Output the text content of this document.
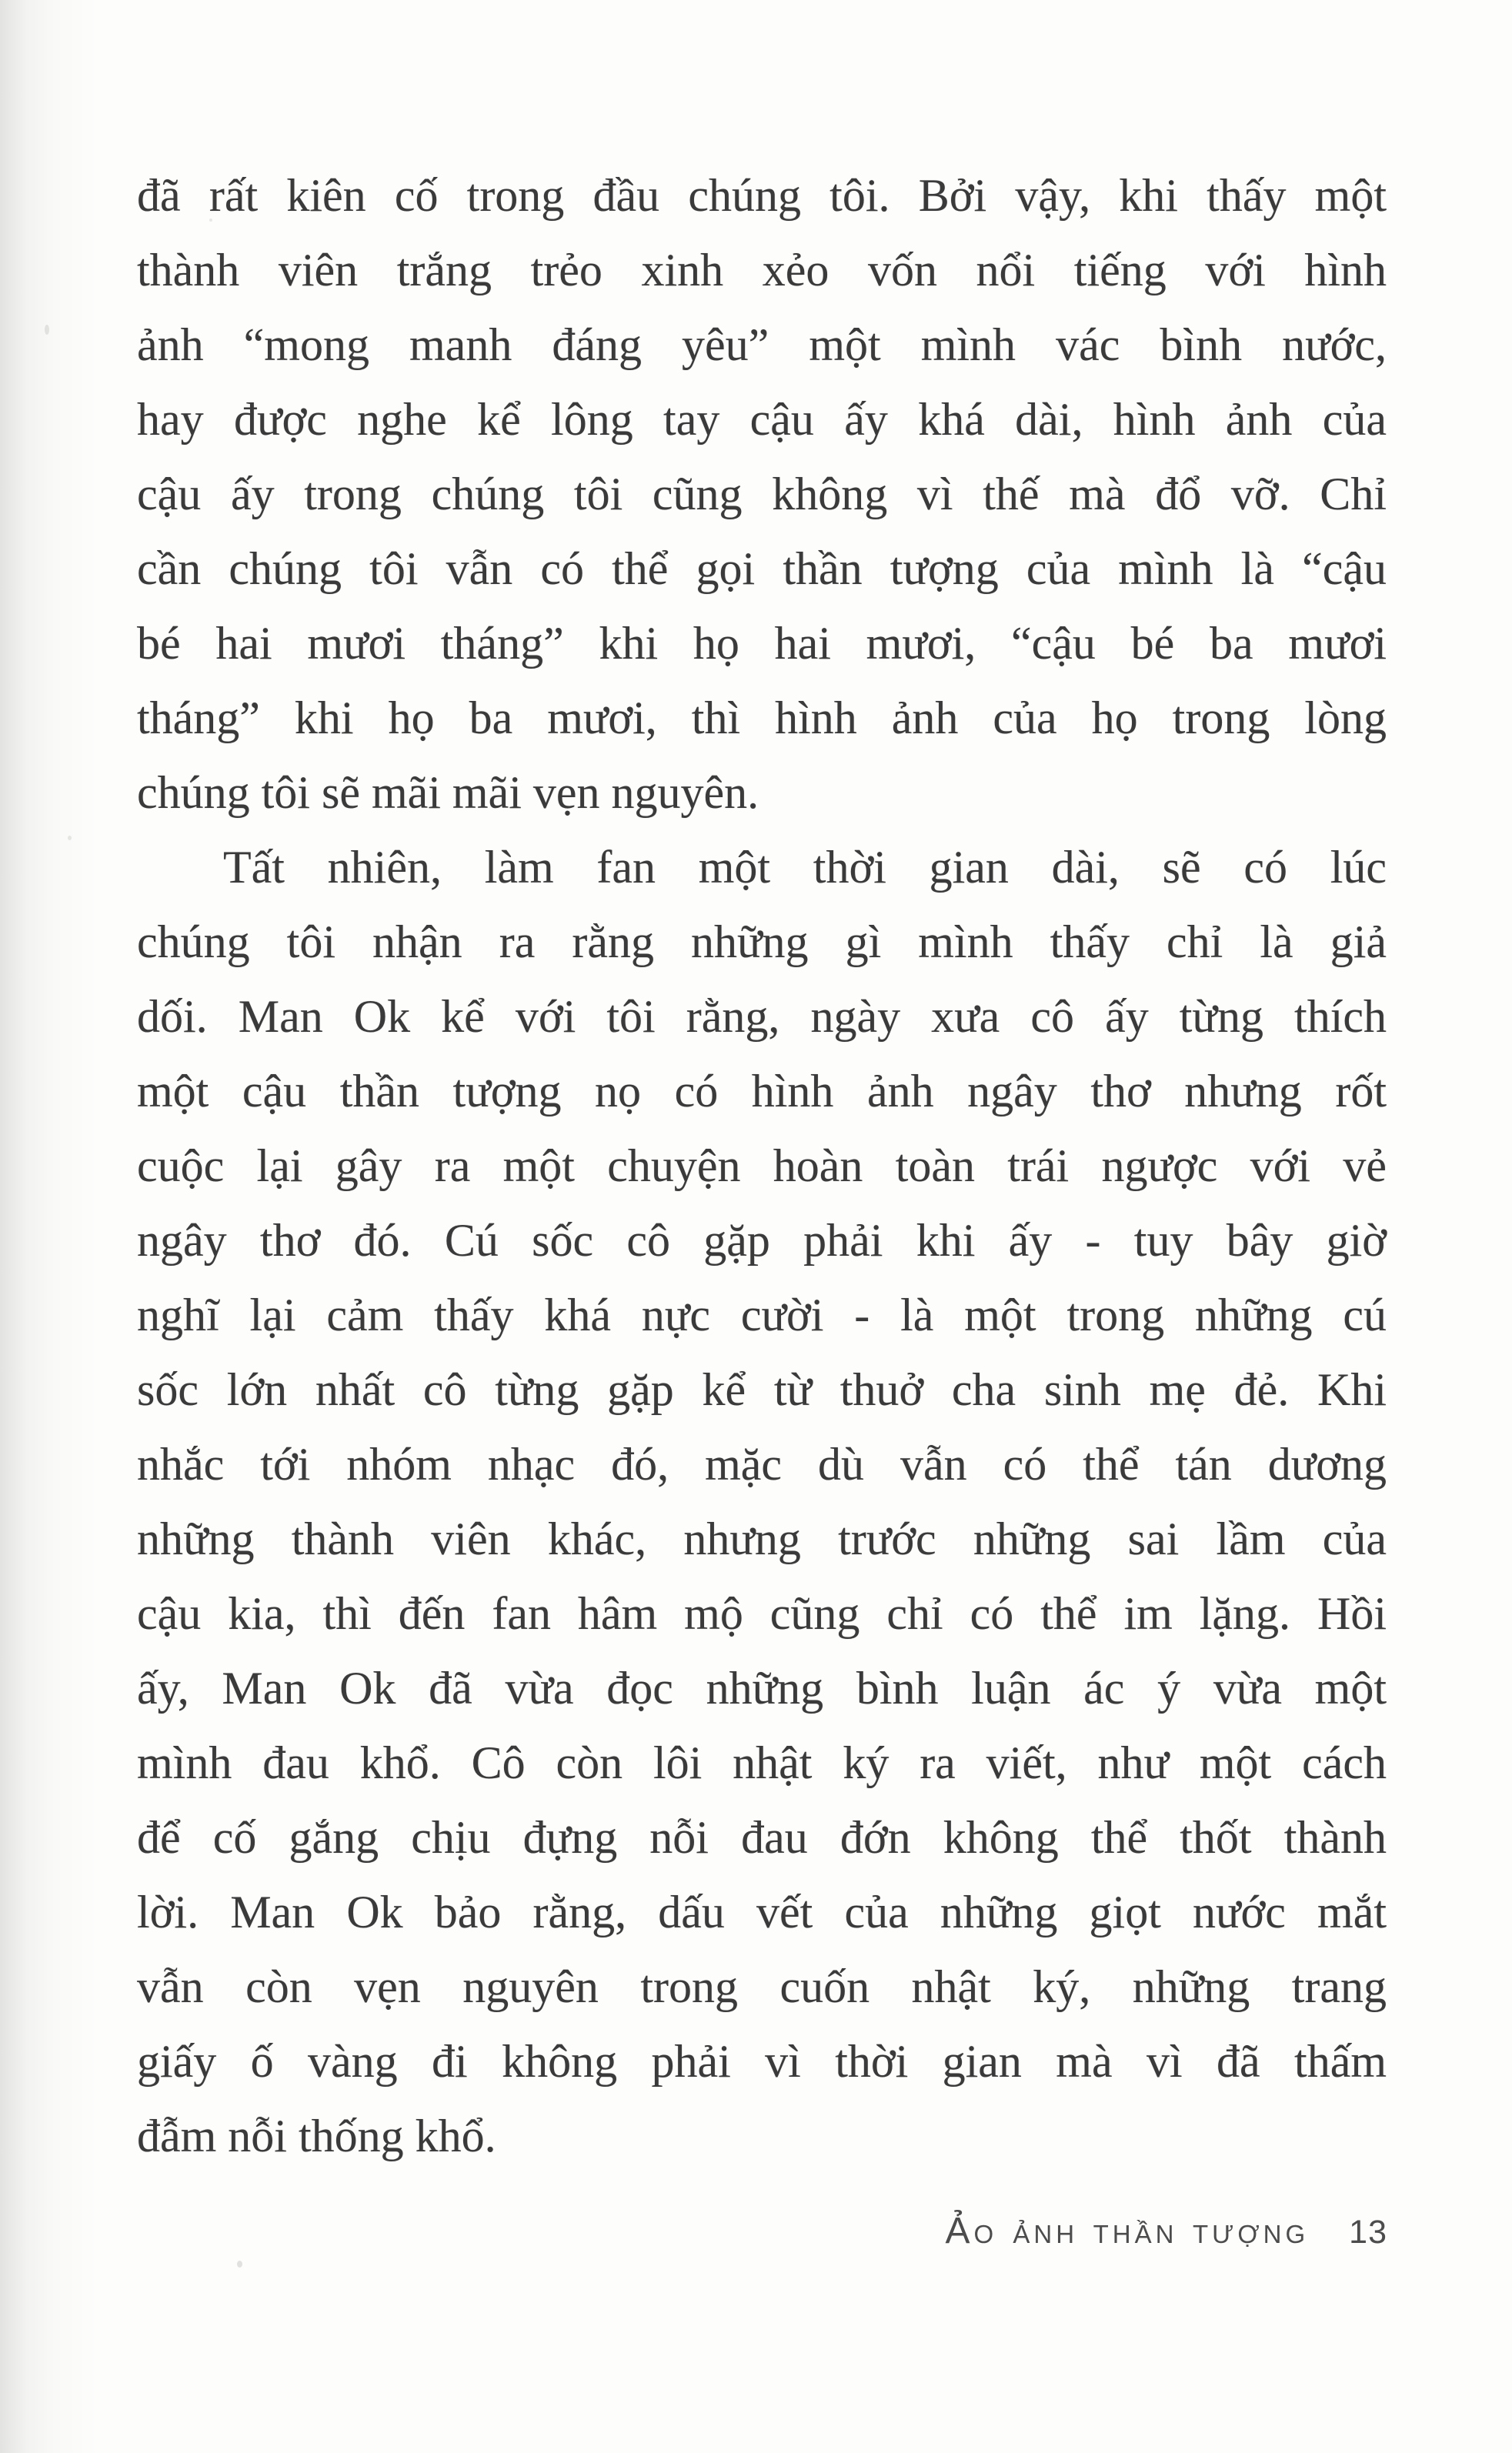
đã rất kiên cố trong đầu chúng tôi. Bởi vậy, khi thấy một
thành viên trắng trẻo xinh xẻo vốn nổi tiếng với hình
ảnh “mong manh đáng yêu” một mình vác bình nước,
hay được nghe kể lông tay cậu ấy khá dài, hình ảnh của
cậu ấy trong chúng tôi cũng không vì thế mà đổ vỡ. Chỉ
cần chúng tôi vẫn có thể gọi thần tượng của mình là “cậu
bé hai mươi tháng” khi họ hai mươi, “cậu bé ba mươi
tháng” khi họ ba mươi, thì hình ảnh của họ trong lòng
chúng tôi sẽ mãi mãi vẹn nguyên.
Tất nhiên, làm fan một thời gian dài, sẽ có lúc
chúng tôi nhận ra rằng những gì mình thấy chỉ là giả
dối. Man Ok kể với tôi rằng, ngày xưa cô ấy từng thích
một cậu thần tượng nọ có hình ảnh ngây thơ nhưng rốt
cuộc lại gây ra một chuyện hoàn toàn trái ngược với vẻ
ngây thơ đó. Cú sốc cô gặp phải khi ấy - tuy bây giờ
nghĩ lại cảm thấy khá nực cười - là một trong những cú
sốc lớn nhất cô từng gặp kể từ thuở cha sinh mẹ đẻ. Khi
nhắc tới nhóm nhạc đó, mặc dù vẫn có thể tán dương
những thành viên khác, nhưng trước những sai lầm của
cậu kia, thì đến fan hâm mộ cũng chỉ có thể im lặng. Hồi
ấy, Man Ok đã vừa đọc những bình luận ác ý vừa một
mình đau khổ. Cô còn lôi nhật ký ra viết, như một cách
để cố gắng chịu đựng nỗi đau đớn không thể thốt thành
lời. Man Ok bảo rằng, dấu vết của những giọt nước mắt
vẫn còn vẹn nguyên trong cuốn nhật ký, những trang
giấy ố vàng đi không phải vì thời gian mà vì đã thấm
đẫm nỗi thống khổ.
ẢO ẢNH THẦN TƯỢNG 13
